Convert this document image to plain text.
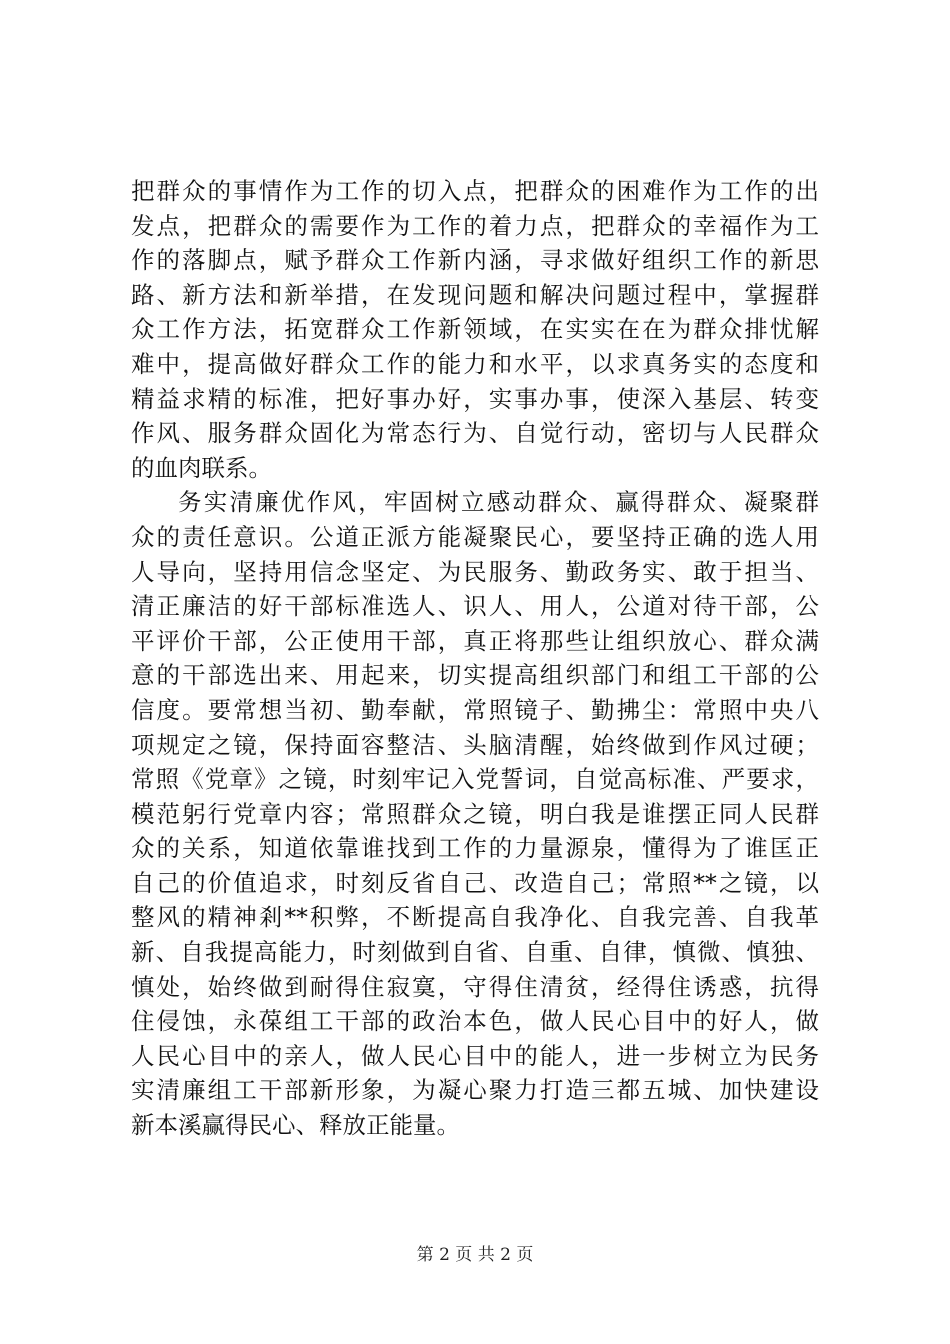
把群众的事情作为工作的切入点，把群众的困难作为工作的出
发点，把群众的需要作为工作的着力点，把群众的幸福作为工
作的落脚点，赋予群众工作新内涵，寻求做好组织工作的新思
路、新方法和新举措，在发现问题和解决问题过程中，掌握群
众工作方法，拓宽群众工作新领域，在实实在在为群众排忧解
难中，提高做好群众工作的能力和水平，以求真务实的态度和
精益求精的标准，把好事办好，实事办事，使深入基层、转变
作风、服务群众固化为常态行为、自觉行动，密切与人民群众
的血肉联系。
务实清廉优作风，牢固树立感动群众、赢得群众、凝聚群
众的责任意识。公道正派方能凝聚民心，要坚持正确的选人用
人导向，坚持用信念坚定、为民服务、勤政务实、敢于担当、
清正廉洁的好干部标准选人、识人、用人，公道对待干部，公
平评价干部，公正使用干部，真正将那些让组织放心、群众满
意的干部选出来、用起来，切实提高组织部门和组工干部的公
信度。要常想当初、勤奉献，常照镜子、勤拂尘：常照中央八
项规定之镜，保持面容整洁、头脑清醒，始终做到作风过硬；
常照《党章》之镜，时刻牢记入党誓词，自觉高标准、严要求，
模范躬行党章内容；常照群众之镜，明白我是谁摆正同人民群
众的关系，知道依靠谁找到工作的力量源泉，懂得为了谁匡正
自己的价值追求，时刻反省自己、改造自己；常照**之镜，以
整风的精神剎**积弊，不断提高自我净化、自我完善、自我革
新、自我提高能力，时刻做到自省、自重、自律，慎微、慎独、
慎处，始终做到耐得住寂寞，守得住清贫，经得住诱惑，抗得
住侵蚀，永葆组工干部的政治本色，做人民心目中的好人，做
人民心目中的亲人，做人民心目中的能人，进一步树立为民务
实清廉组工干部新形象，为凝心聚力打造三都五城、加快建设
新本溪赢得民心、释放正能量。
第 2 页 共 2 页
